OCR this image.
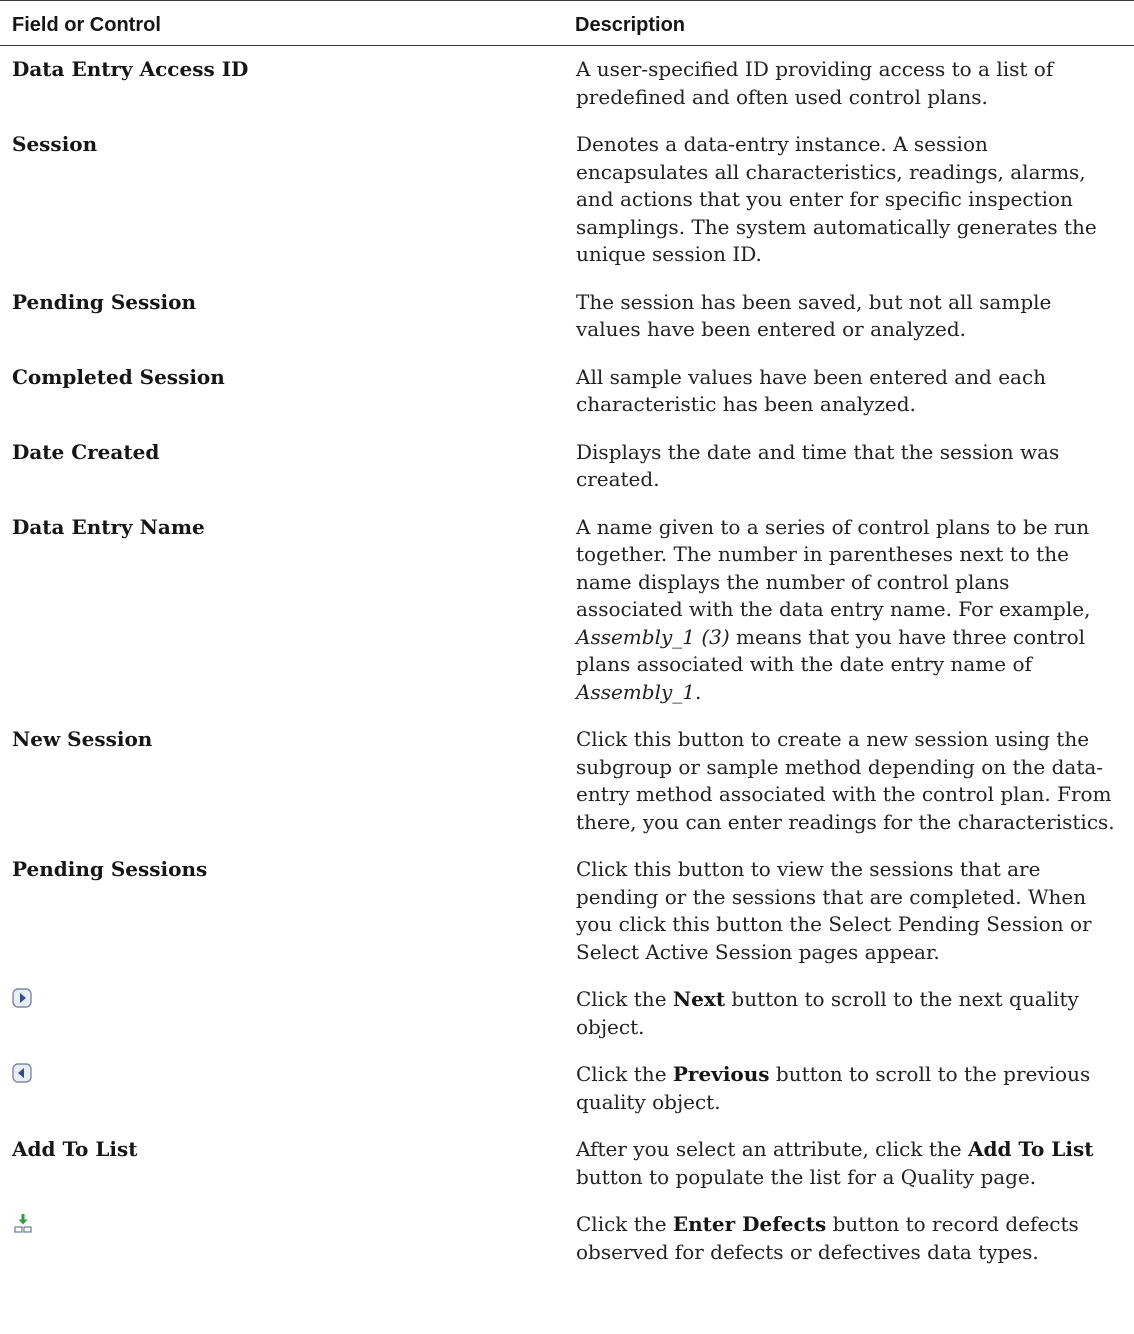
Field or Control	Description
Data Entry Access ID	A user-specified ID providing access to a list of predefined and often used control plans.
Session	Denotes a data-entry instance. A session encapsulates all characteristics, readings, alarms, and actions that you enter for specific inspection samplings. The system automatically generates the unique session ID.
Pending Session	The session has been saved, but not all sample values have been entered or analyzed.
Completed Session	All sample values have been entered and each characteristic has been analyzed.
Date Created	Displays the date and time that the session was created.
Data Entry Name	A name given to a series of control plans to be run together. The number in parentheses next to the name displays the number of control plans associated with the data entry name. For example, Assembly_1 (3) means that you have three control plans associated with the date entry name of Assembly_1.
New Session	Click this button to create a new session using the subgroup or sample method depending on the data-entry method associated with the control plan. From there, you can enter readings for the characteristics.
Pending Sessions	Click this button to view the sessions that are pending or the sessions that are completed. When you click this button the Select Pending Session or Select Active Session pages appear.
	Click the Next button to scroll to the next quality object.
	Click the Previous button to scroll to the previous quality object.
Add To List	After you select an attribute, click the Add To List button to populate the list for a Quality page.
	Click the Enter Defects button to record defects observed for defects or defectives data types.
